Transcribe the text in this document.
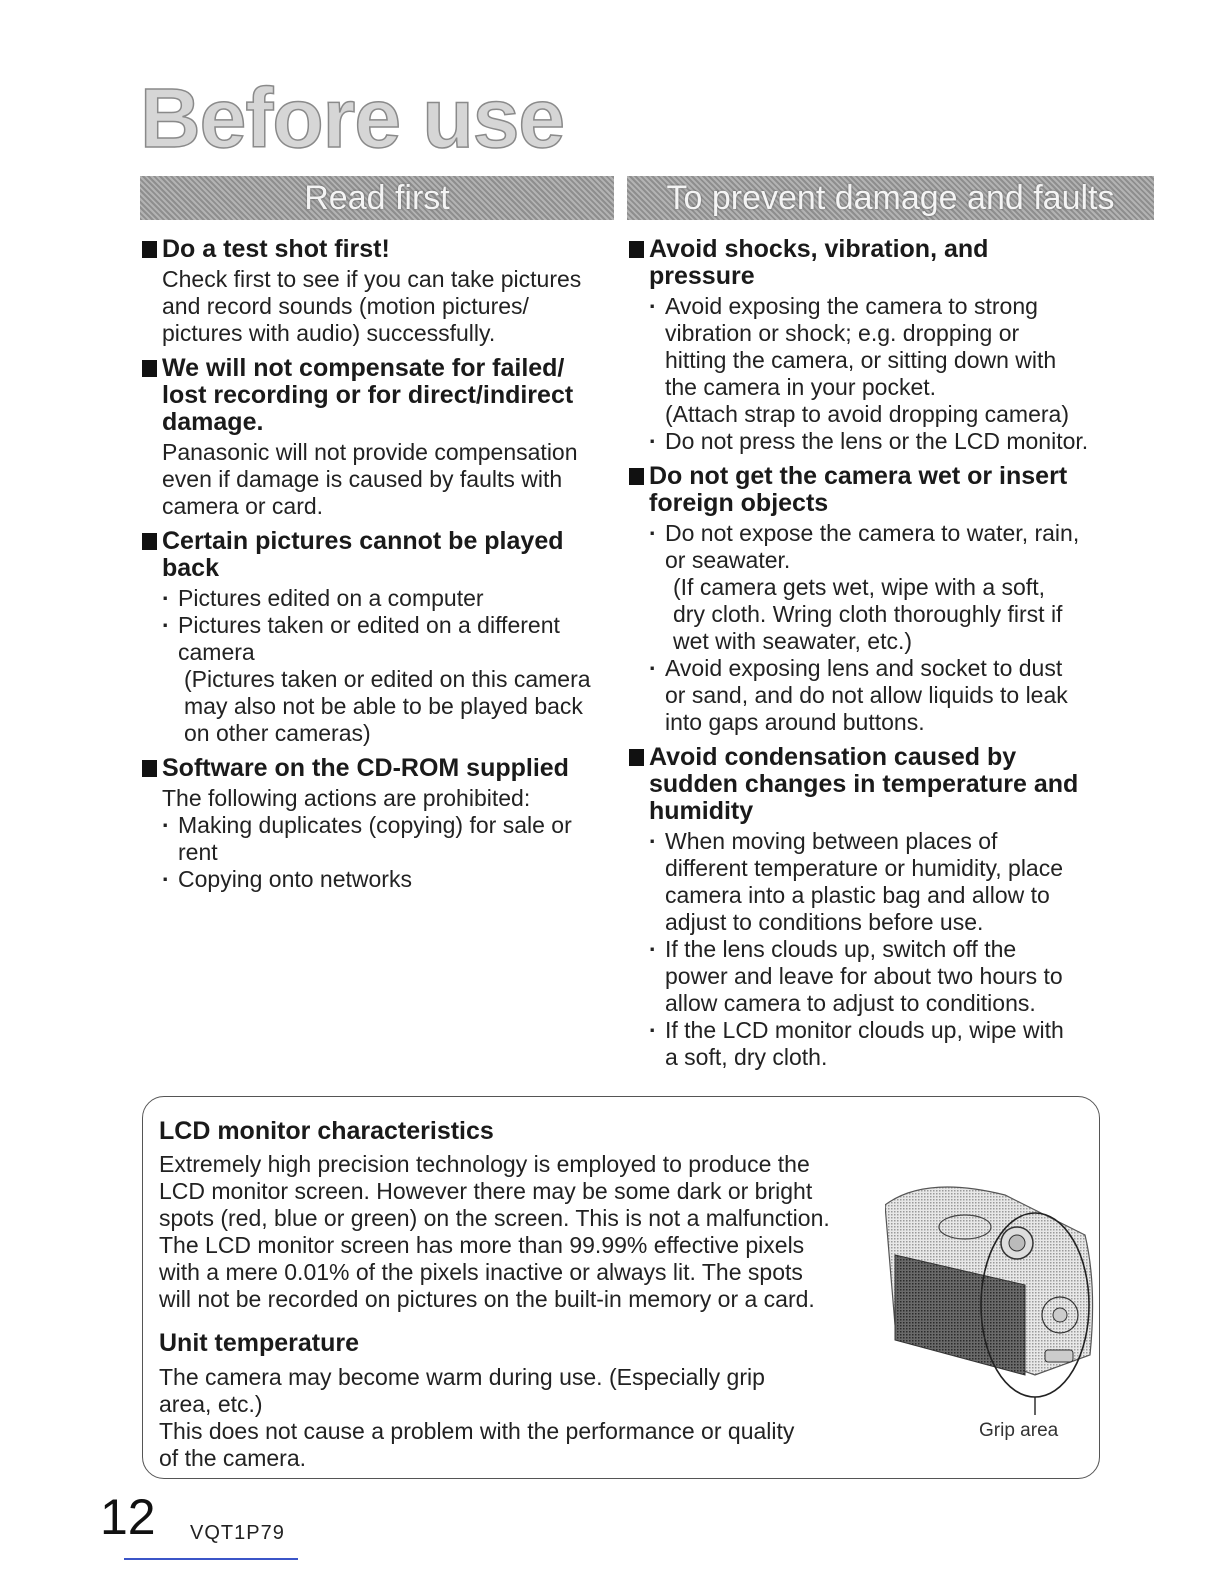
Before use
Read first	To prevent damage and faults
Do a test shot first!
Check first to see if you can take pictures
and record sounds (motion pictures/
pictures with audio) successfully.
We will not compensate for failed/
lost recording or for direct/indirect
damage.
Panasonic will not provide compensation
even if damage is caused by faults with
camera or card.
Certain pictures cannot be played
back
· Pictures edited on a computer
· Pictures taken or edited on a different
camera
(Pictures taken or edited on this camera
may also not be able to be played back
on other cameras)
Software on the CD-ROM supplied
The following actions are prohibited:
· Making duplicates (copying) for sale or
rent
· Copying onto networks
Avoid shocks, vibration, and
pressure
· Avoid exposing the camera to strong
vibration or shock; e.g. dropping or
hitting the camera, or sitting down with
the camera in your pocket.
(Attach strap to avoid dropping camera)
· Do not press the lens or the LCD monitor.
Do not get the camera wet or insert
foreign objects
· Do not expose the camera to water, rain,
or seawater.
(If camera gets wet, wipe with a soft,
dry cloth. Wring cloth thoroughly first if
wet with seawater, etc.)
· Avoid exposing lens and socket to dust
or sand, and do not allow liquids to leak
into gaps around buttons.
Avoid condensation caused by
sudden changes in temperature and
humidity
· When moving between places of
different temperature or humidity, place
camera into a plastic bag and allow to
adjust to conditions before use.
· If the lens clouds up, switch off the
power and leave for about two hours to
allow camera to adjust to conditions.
· If the LCD monitor clouds up, wipe with
a soft, dry cloth.
LCD monitor characteristics
Extremely high precision technology is employed to produce the
LCD monitor screen. However there may be some dark or bright
spots (red, blue or green) on the screen. This is not a malfunction.
The LCD monitor screen has more than 99.99% effective pixels
with a mere 0.01% of the pixels inactive or always lit. The spots
will not be recorded on pictures on the built-in memory or a card.
Unit temperature
The camera may become warm during use. (Especially grip
area, etc.)
This does not cause a problem with the performance or quality
of the camera.
Grip area
12 VQT1P79
